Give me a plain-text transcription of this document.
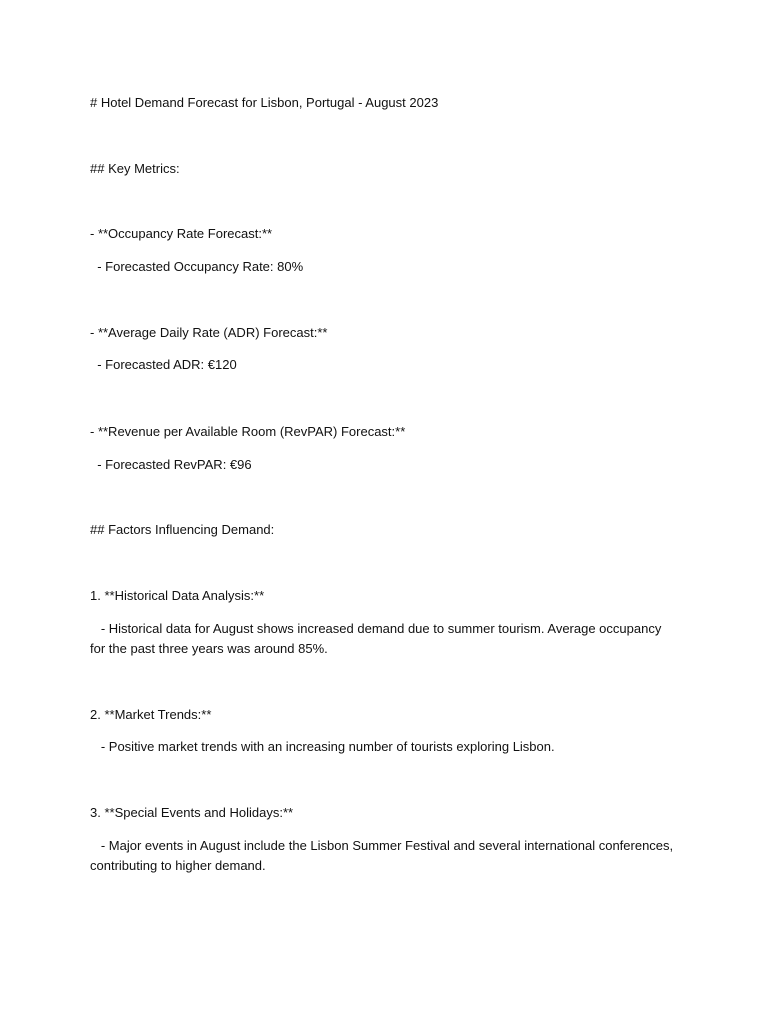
# Hotel Demand Forecast for Lisbon, Portugal - August 2023
## Key Metrics:
- **Occupancy Rate Forecast:**
- Forecasted Occupancy Rate: 80%
- **Average Daily Rate (ADR) Forecast:**
- Forecasted ADR: €120
- **Revenue per Available Room (RevPAR) Forecast:**
- Forecasted RevPAR: €96
## Factors Influencing Demand:
1. **Historical Data Analysis:**
- Historical data for August shows increased demand due to summer tourism. Average occupancy for the past three years was around 85%.
2. **Market Trends:**
- Positive market trends with an increasing number of tourists exploring Lisbon.
3. **Special Events and Holidays:**
- Major events in August include the Lisbon Summer Festival and several international conferences, contributing to higher demand.
